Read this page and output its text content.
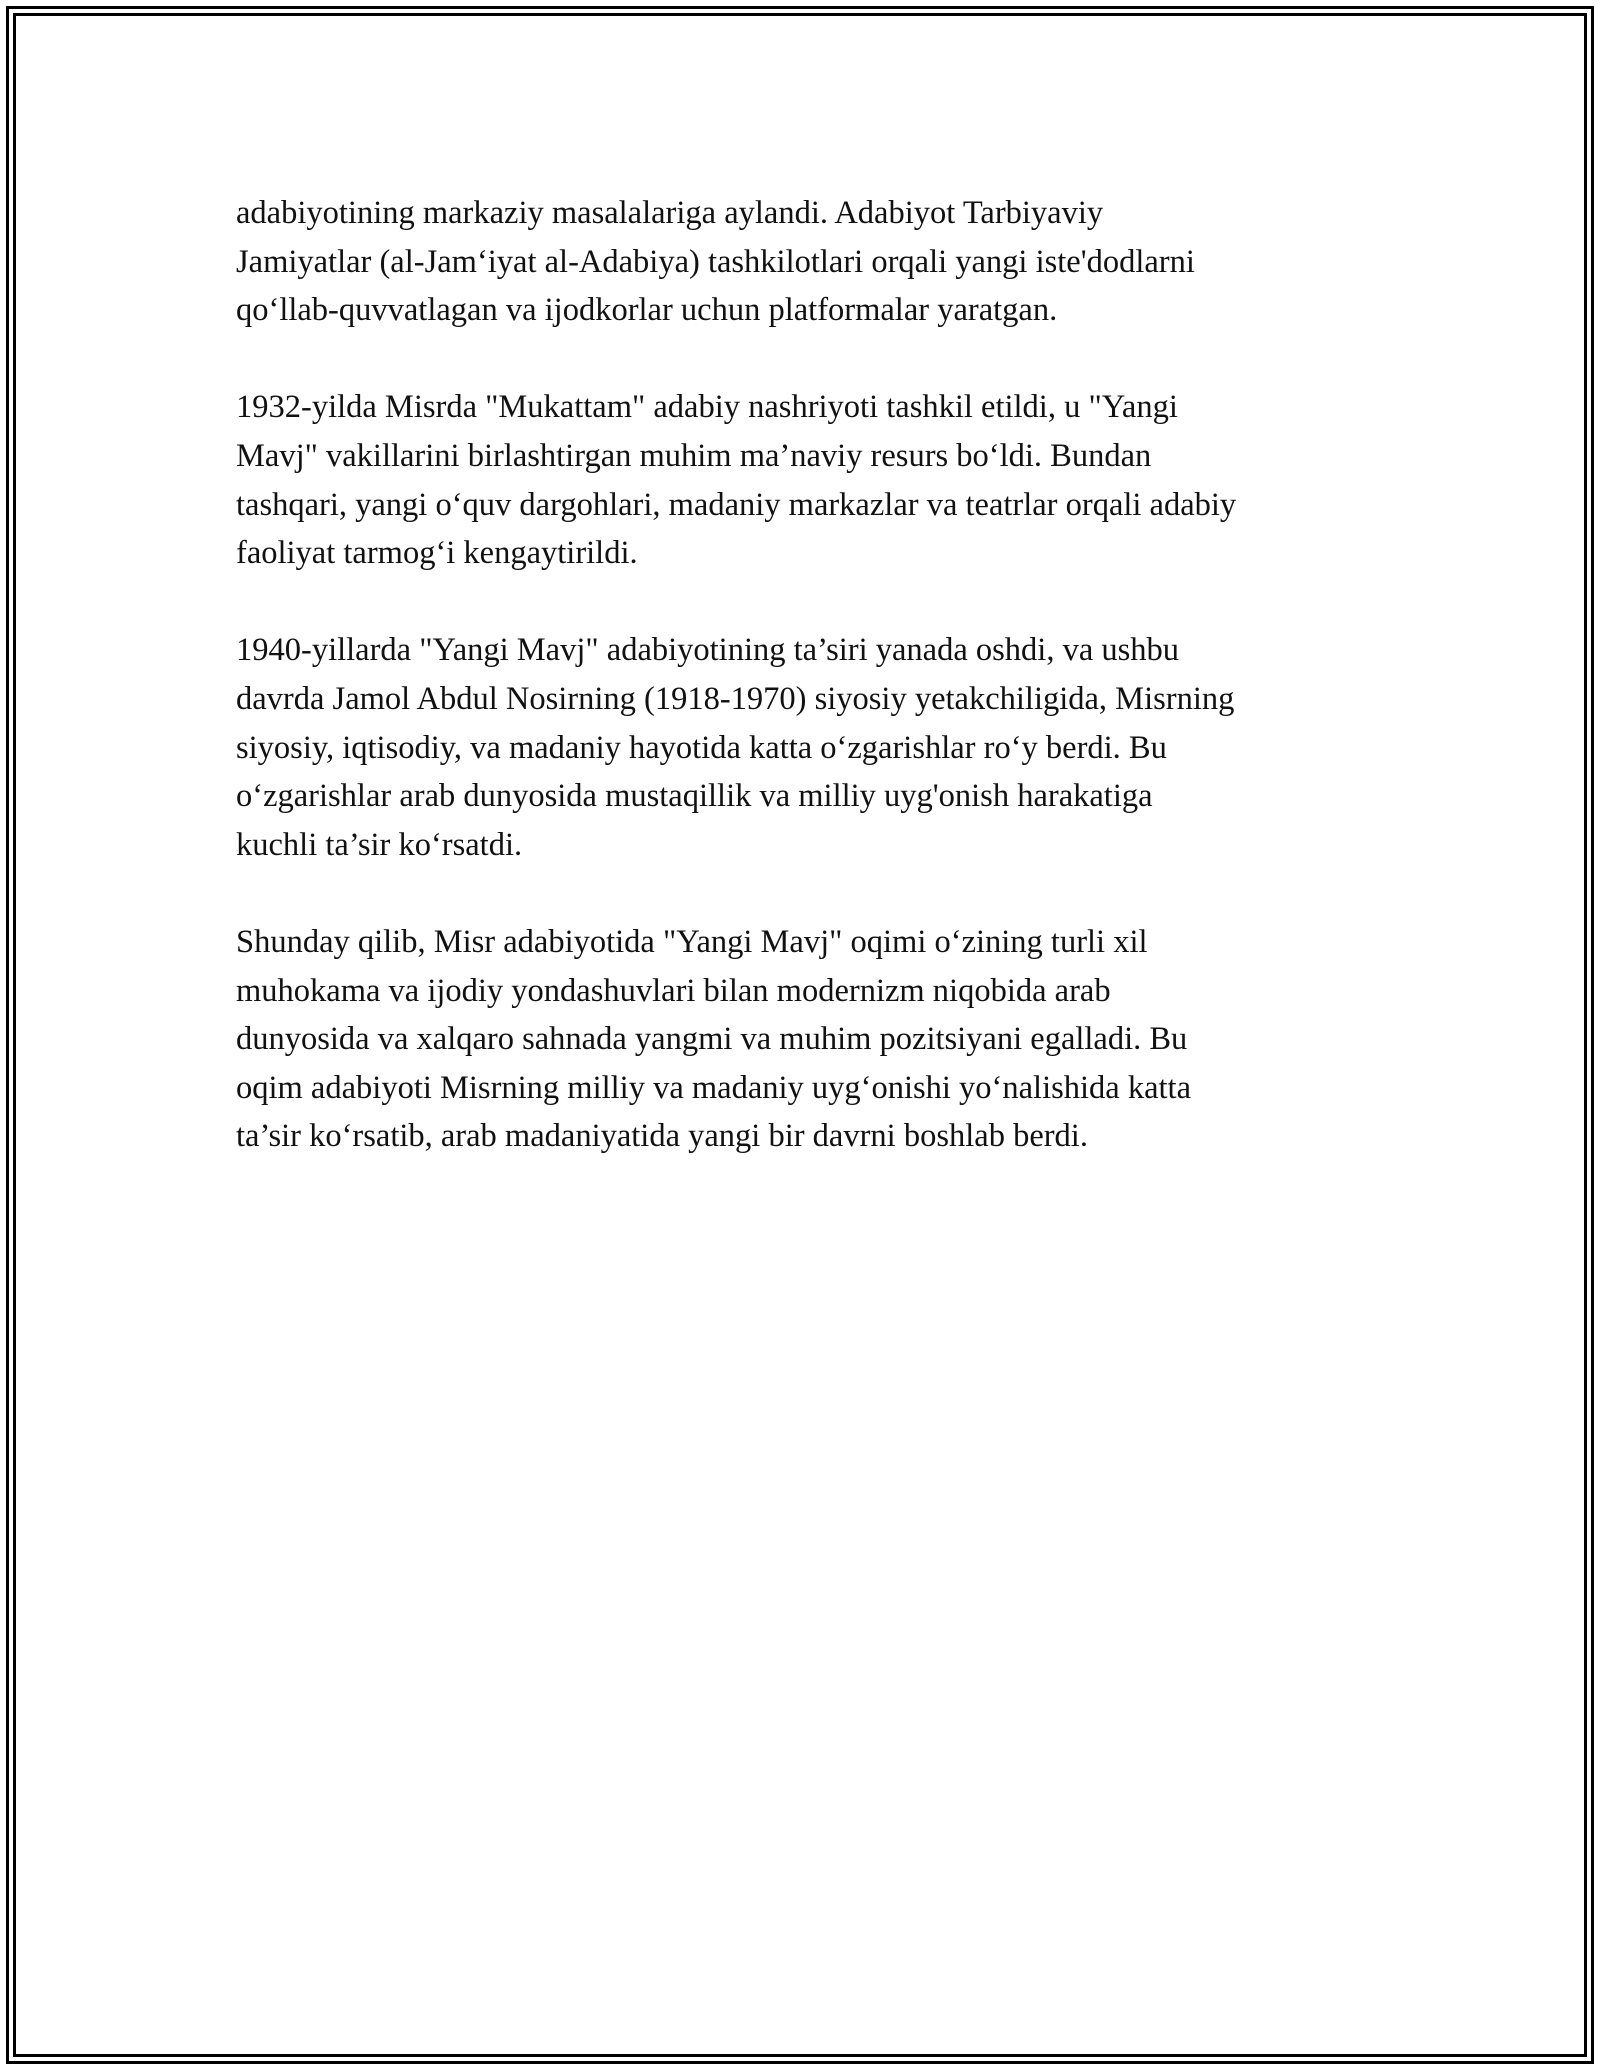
adabiyotining markaziy masalalariga aylandi. Adabiyot Tarbiyaviy
Jamiyatlar (al-Jam‘iyat al-Adabiya) tashkilotlari orqali yangi iste'dodlarni
qo‘llab-quvvatlagan va ijodkorlar uchun platformalar yaratgan.

1932-yilda Misrda "Mukattam" adabiy nashriyoti tashkil etildi, u "Yangi
Mavj" vakillarini birlashtirgan muhim ma’naviy resurs bo‘ldi. Bundan
tashqari, yangi o‘quv dargohlari, madaniy markazlar va teatrlar orqali adabiy
faoliyat tarmog‘i kengaytirildi.

1940-yillarda "Yangi Mavj" adabiyotining ta’siri yanada oshdi, va ushbu
davrda Jamol Abdul Nosirning (1918-1970) siyosiy yetakchiligida, Misrning
siyosiy, iqtisodiy, va madaniy hayotida katta o‘zgarishlar ro‘y berdi. Bu
o‘zgarishlar arab dunyosida mustaqillik va milliy uyg'onish harakatiga
kuchli ta’sir ko‘rsatdi.

Shunday qilib, Misr adabiyotida "Yangi Mavj" oqimi o‘zining turli xil
muhokama va ijodiy yondashuvlari bilan modernizm niqobida arab
dunyosida va xalqaro sahnada yangmi va muhim pozitsiyani egalladi. Bu
oqim adabiyoti Misrning milliy va madaniy uyg‘onishi yo‘nalishida katta
ta’sir ko‘rsatib, arab madaniyatida yangi bir davrni boshlab berdi.
